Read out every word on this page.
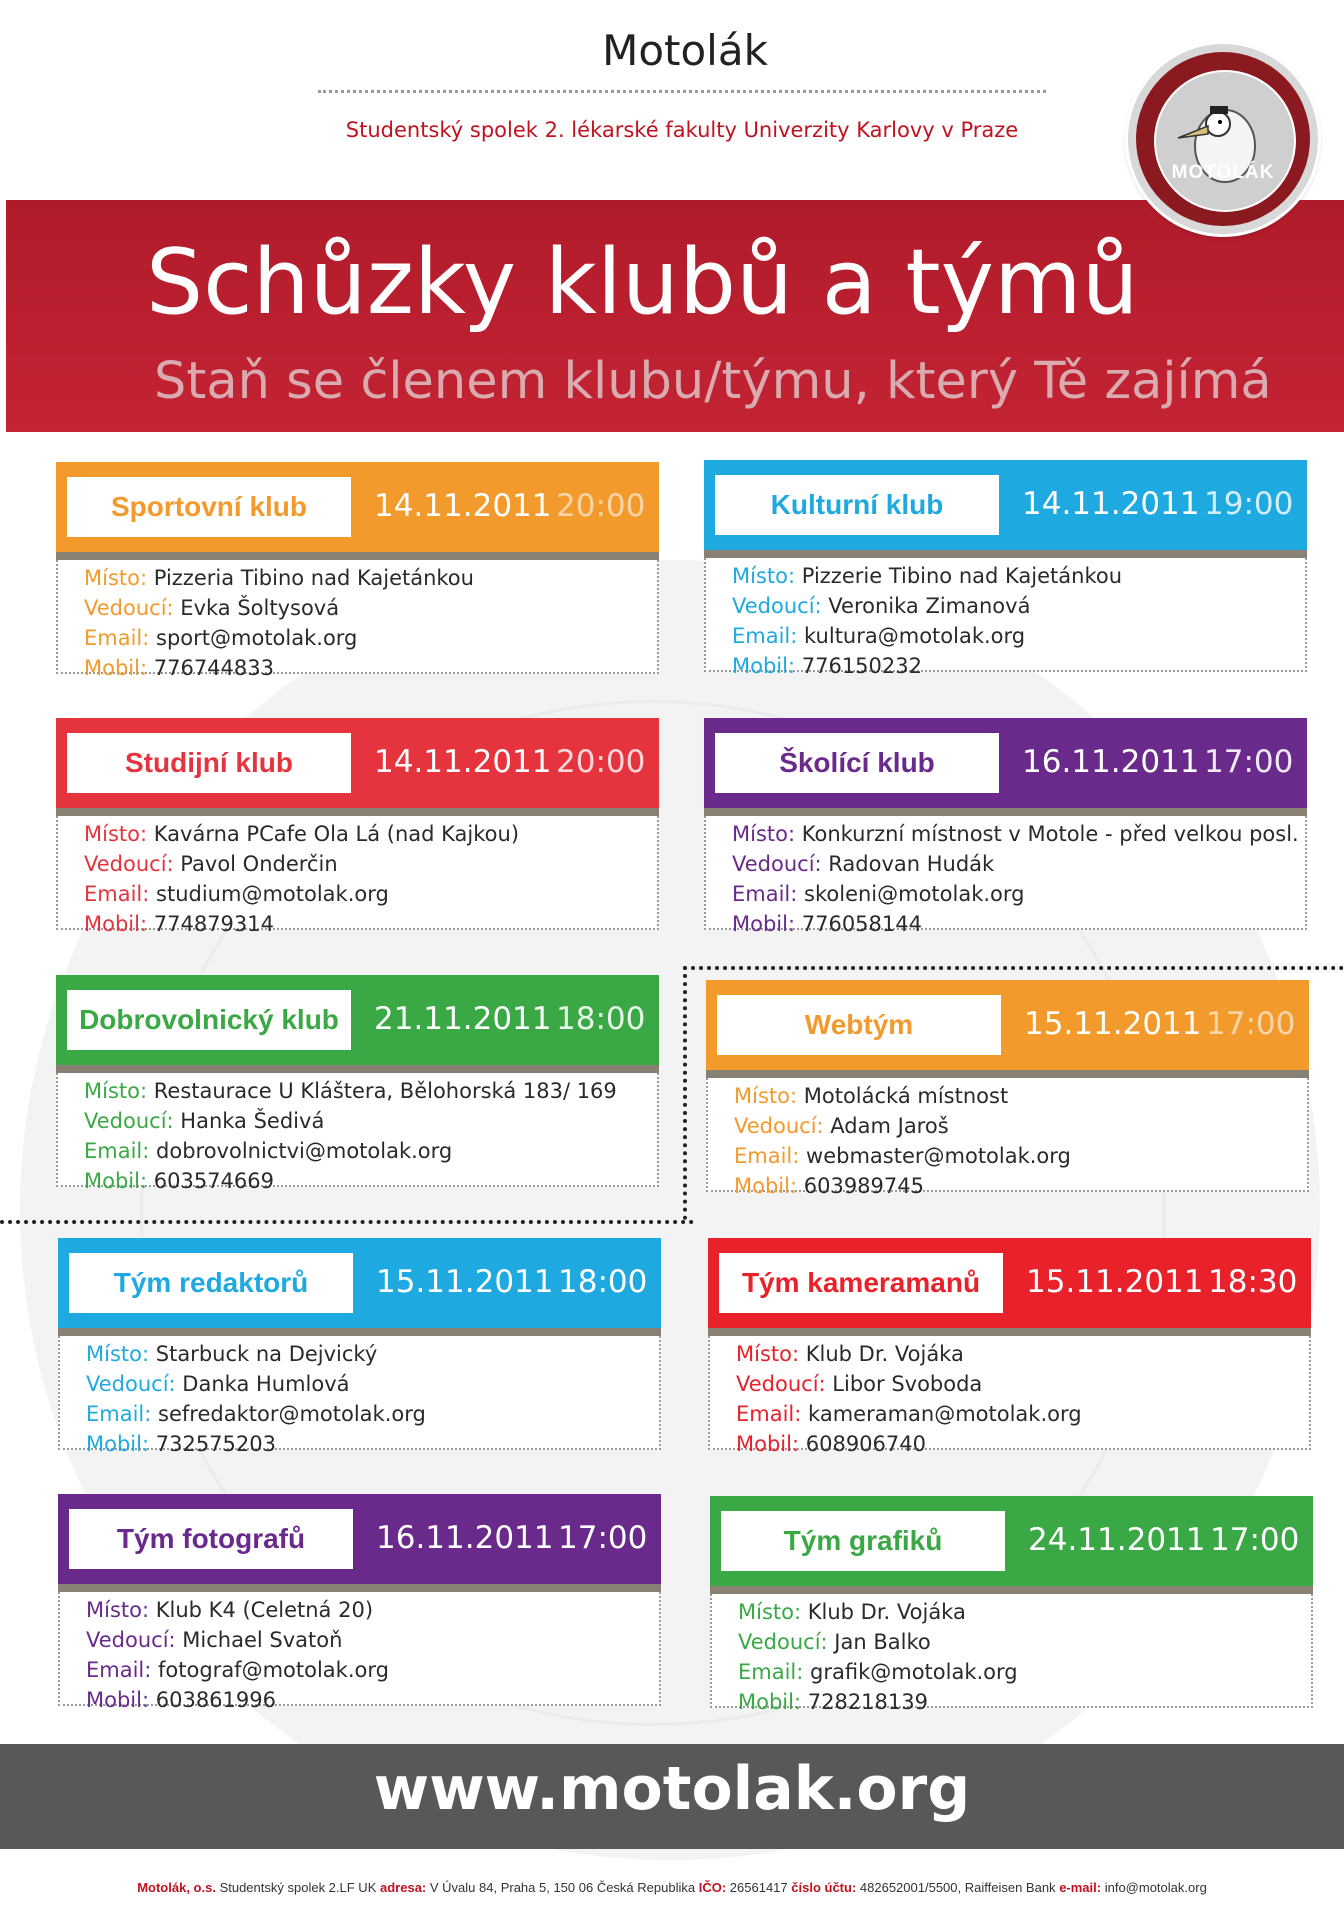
Motolák
Studentský spolek 2. lékarské fakulty Univerzity Karlovy v Praze
MOTOLÁK
Schůzky klubů a týmů
Staň se členem klubu/týmu, který Tě zajímá
Sportovní klub	14.11.2011 20:00
Místo: Pizzeria Tibino nad Kajetánkou
Vedoucí: Evka Šoltysová
Email: sport@motolak.org
Mobil: 776744833
Kulturní klub	14.11.2011 19:00
Místo: Pizzerie Tibino nad Kajetánkou
Vedoucí: Veronika Zimanová
Email: kultura@motolak.org
Mobil: 776150232
Studijní klub	14.11.2011 20:00
Místo: Kavárna PCafe Ola Lá (nad Kajkou)
Vedoucí: Pavol Onderčin
Email: studium@motolak.org
Mobil: 774879314
Školící klub	16.11.2011 17:00
Místo: Konkurzní místnost v Motole - před velkou posl.
Vedoucí: Radovan Hudák
Email: skoleni@motolak.org
Mobil: 776058144
Dobrovolnický klub	21.11.2011 18:00
Místo: Restaurace U Kláštera, Bělohorská 183/ 169
Vedoucí: Hanka Šedivá
Email: dobrovolnictvi@motolak.org
Mobil: 603574669
Webtým	15.11.2011 17:00
Místo: Motolácká místnost
Vedoucí: Adam Jaroš
Email: webmaster@motolak.org
Mobil: 603989745
Tým redaktorů	15.11.2011 18:00
Místo: Starbuck na Dejvický
Vedoucí: Danka Humlová
Email: sefredaktor@motolak.org
Mobil: 732575203
Tým kameramanů	15.11.2011 18:30
Místo: Klub Dr. Vojáka
Vedoucí: Libor Svoboda
Email: kameraman@motolak.org
Mobil: 608906740
Tým fotografů	16.11.2011 17:00
Místo: Klub K4 (Celetná 20)
Vedoucí: Michael Svatoň
Email: fotograf@motolak.org
Mobil: 603861996
Tým grafiků	24.11.2011 17:00
Místo: Klub Dr. Vojáka
Vedoucí: Jan Balko
Email: grafik@motolak.org
Mobil: 728218139
www.motolak.org
Motolák, o.s. Studentský spolek 2.LF UK adresa: V Úvalu 84, Praha 5, 150 06 Česká Republika IČO: 26561417 číslo účtu: 482652001/5500, Raiffeisen Bank e-mail: info@motolak.org
